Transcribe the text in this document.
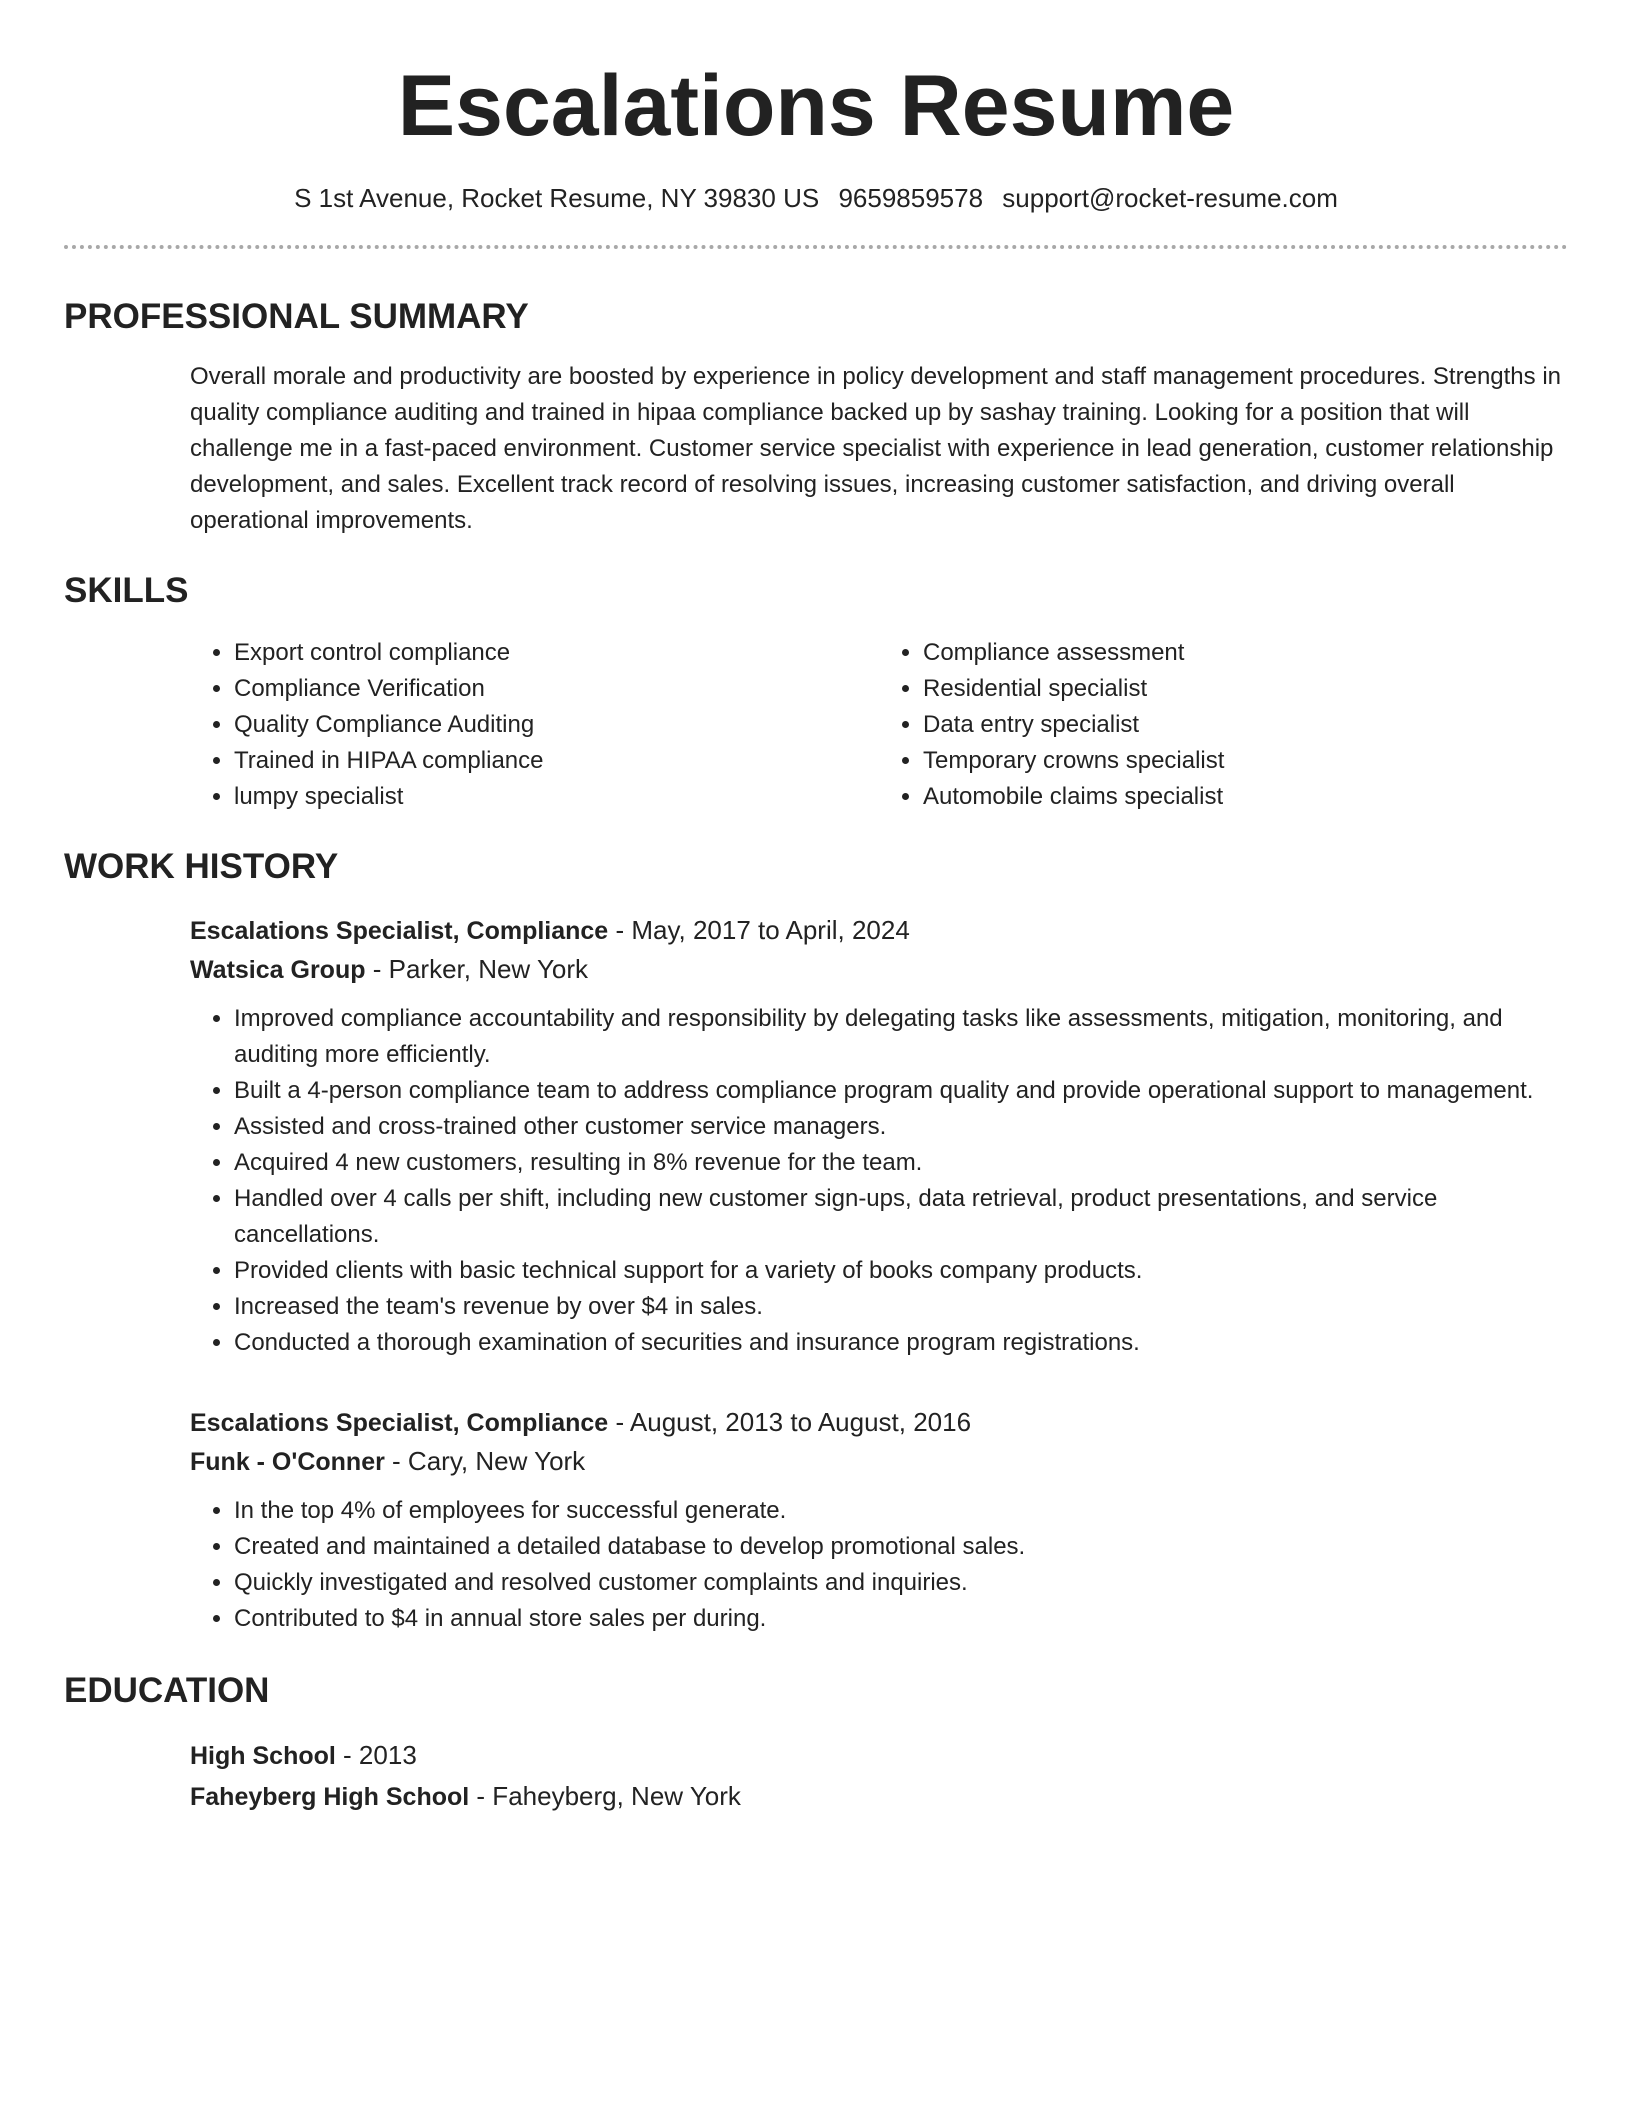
Escalations Resume
S 1st Avenue, Rocket Resume, NY 39830 US 9659859578 support@rocket-resume.com
PROFESSIONAL SUMMARY
Overall morale and productivity are boosted by experience in policy development and staff management procedures. Strengths in quality compliance auditing and trained in hipaa compliance backed up by sashay training. Looking for a position that will challenge me in a fast-paced environment. Customer service specialist with experience in lead generation, customer relationship development, and sales. Excellent track record of resolving issues, increasing customer satisfaction, and driving overall operational improvements.
SKILLS
• Export control compliance
• Compliance Verification
• Quality Compliance Auditing
• Trained in HIPAA compliance
• lumpy specialist
• Compliance assessment
• Residential specialist
• Data entry specialist
• Temporary crowns specialist
• Automobile claims specialist
WORK HISTORY
Escalations Specialist, Compliance - May, 2017 to April, 2024
Watsica Group - Parker, New York
• Improved compliance accountability and responsibility by delegating tasks like assessments, mitigation, monitoring, and auditing more efficiently.
• Built a 4-person compliance team to address compliance program quality and provide operational support to management.
• Assisted and cross-trained other customer service managers.
• Acquired 4 new customers, resulting in 8% revenue for the team.
• Handled over 4 calls per shift, including new customer sign-ups, data retrieval, product presentations, and service cancellations.
• Provided clients with basic technical support for a variety of books company products.
• Increased the team's revenue by over $4 in sales.
• Conducted a thorough examination of securities and insurance program registrations.
Escalations Specialist, Compliance - August, 2013 to August, 2016
Funk - O'Conner - Cary, New York
• In the top 4% of employees for successful generate.
• Created and maintained a detailed database to develop promotional sales.
• Quickly investigated and resolved customer complaints and inquiries.
• Contributed to $4 in annual store sales per during.
EDUCATION
High School - 2013
Faheyberg High School - Faheyberg, New York
